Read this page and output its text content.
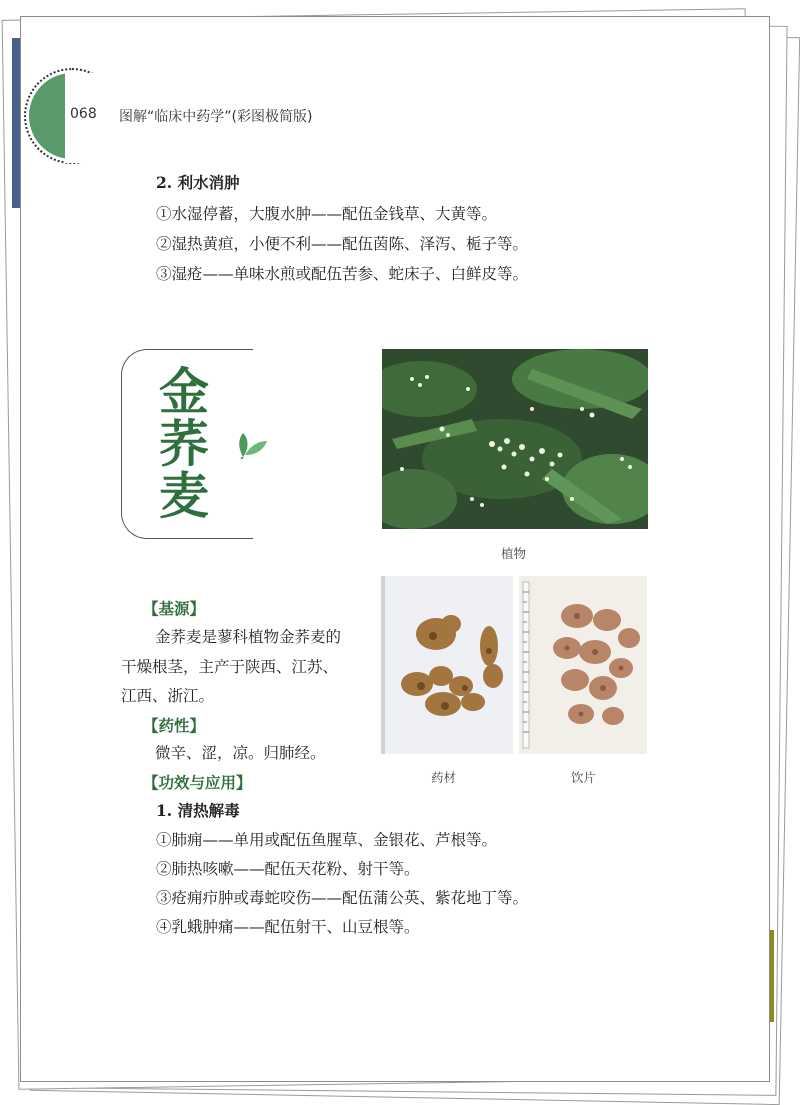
068 图解“临床中药学”(彩图极简版)
2. 利水消肿
①水湿停蓄，大腹水肿——配伍金钱草、大黄等。
②湿热黄疸，小便不利——配伍茵陈、泽泻、栀子等。
③湿疮——单味水煎或配伍苦参、蛇床子、白鲜皮等。
金
荞
麦
植物
药材	饮片
【基源】
金荞麦是蓼科植物金荞麦的
干燥根茎，主产于陕西、江苏、
江西、浙江。
【药性】
微辛、涩，凉。归肺经。
【功效与应用】
1. 清热解毒
①肺痈——单用或配伍鱼腥草、金银花、芦根等。
②肺热咳嗽——配伍天花粉、射干等。
③疮痈疖肿或毒蛇咬伤——配伍蒲公英、紫花地丁等。
④乳蛾肿痛——配伍射干、山豆根等。
